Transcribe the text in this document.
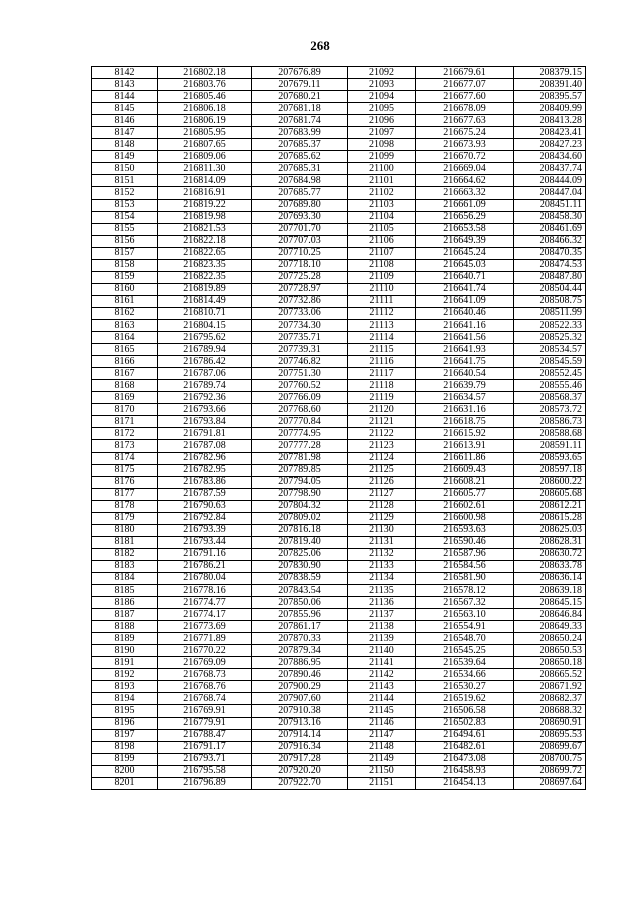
268
8142	216802.18	207676.89	21092	216679.61	208379.15
8143	216803.76	207679.11	21093	216677.07	208391.40
8144	216805.46	207680.21	21094	216677.60	208395.57
8145	216806.18	207681.18	21095	216678.09	208409.99
8146	216806.19	207681.74	21096	216677.63	208413.28
8147	216805.95	207683.99	21097	216675.24	208423.41
8148	216807.65	207685.37	21098	216673.93	208427.23
8149	216809.06	207685.62	21099	216670.72	208434.60
8150	216811.30	207685.31	21100	216669.04	208437.74
8151	216814.09	207684.98	21101	216664.62	208444.09
8152	216816.91	207685.77	21102	216663.32	208447.04
8153	216819.22	207689.80	21103	216661.09	208451.11
8154	216819.98	207693.30	21104	216656.29	208458.30
8155	216821.53	207701.70	21105	216653.58	208461.69
8156	216822.18	207707.03	21106	216649.39	208466.32
8157	216822.65	207710.25	21107	216645.24	208470.35
8158	216823.35	207718.10	21108	216645.03	208474.53
8159	216822.35	207725.28	21109	216640.71	208487.80
8160	216819.89	207728.97	21110	216641.74	208504.44
8161	216814.49	207732.86	21111	216641.09	208508.75
8162	216810.71	207733.06	21112	216640.46	208511.99
8163	216804.15	207734.30	21113	216641.16	208522.33
8164	216795.62	207735.71	21114	216641.56	208525.32
8165	216789.94	207739.31	21115	216641.93	208534.57
8166	216786.42	207746.82	21116	216641.75	208545.59
8167	216787.06	207751.30	21117	216640.54	208552.45
8168	216789.74	207760.52	21118	216639.79	208555.46
8169	216792.36	207766.09	21119	216634.57	208568.37
8170	216793.66	207768.60	21120	216631.16	208573.72
8171	216793.84	207770.84	21121	216618.75	208586.73
8172	216791.81	207774.95	21122	216615.92	208588.68
8173	216787.08	207777.28	21123	216613.91	208591.11
8174	216782.96	207781.98	21124	216611.86	208593.65
8175	216782.95	207789.85	21125	216609.43	208597.18
8176	216783.86	207794.05	21126	216608.21	208600.22
8177	216787.59	207798.90	21127	216605.77	208605.68
8178	216790.63	207804.32	21128	216602.61	208612.21
8179	216792.84	207809.02	21129	216600.98	208615.28
8180	216793.39	207816.18	21130	216593.63	208625.03
8181	216793.44	207819.40	21131	216590.46	208628.31
8182	216791.16	207825.06	21132	216587.96	208630.72
8183	216786.21	207830.90	21133	216584.56	208633.78
8184	216780.04	207838.59	21134	216581.90	208636.14
8185	216778.16	207843.54	21135	216578.12	208639.18
8186	216774.77	207850.06	21136	216567.32	208645.15
8187	216774.17	207855.96	21137	216563.10	208646.84
8188	216773.69	207861.17	21138	216554.91	208649.33
8189	216771.89	207870.33	21139	216548.70	208650.24
8190	216770.22	207879.34	21140	216545.25	208650.53
8191	216769.09	207886.95	21141	216539.64	208650.18
8192	216768.73	207890.46	21142	216534.66	208665.52
8193	216768.76	207900.29	21143	216530.27	208671.92
8194	216768.74	207907.60	21144	216519.62	208682.37
8195	216769.91	207910.38	21145	216506.58	208688.32
8196	216779.91	207913.16	21146	216502.83	208690.91
8197	216788.47	207914.14	21147	216494.61	208695.53
8198	216791.17	207916.34	21148	216482.61	208699.67
8199	216793.71	207917.28	21149	216473.08	208700.75
8200	216795.58	207920.20	21150	216458.93	208699.72
8201	216796.89	207922.70	21151	216454.13	208697.64
